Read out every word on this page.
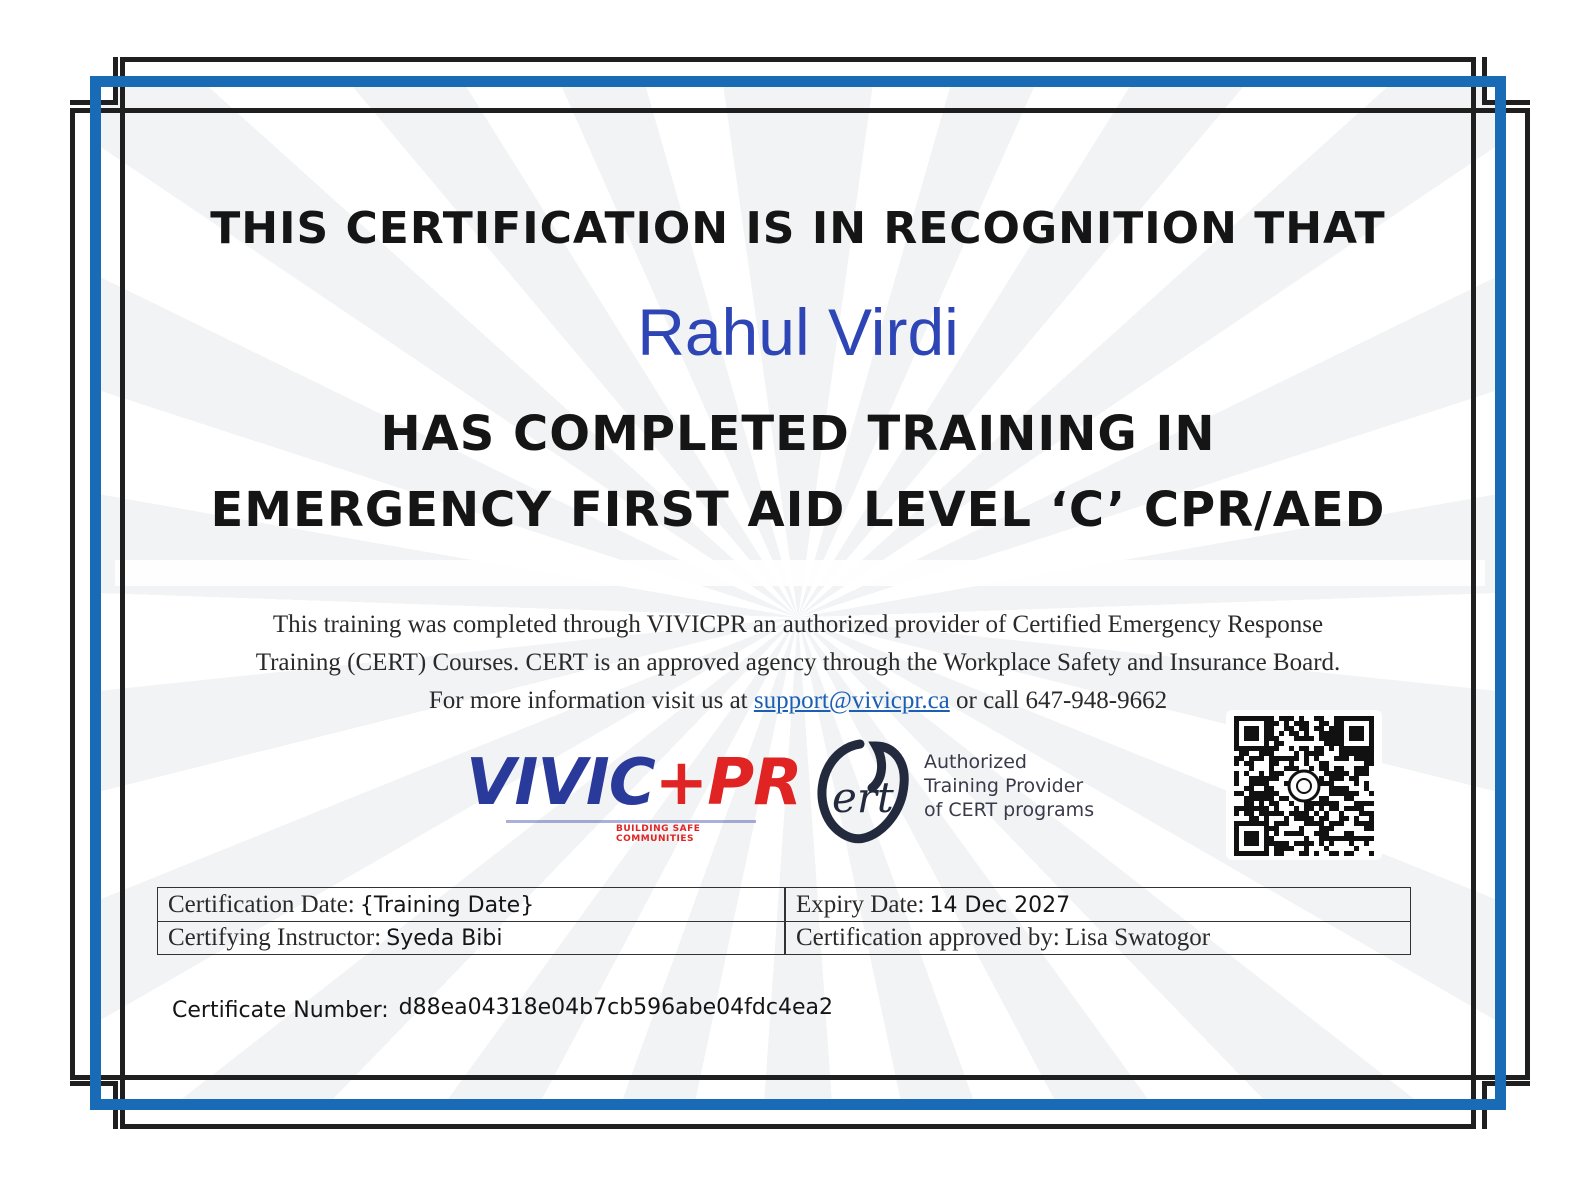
THIS CERTIFICATION IS IN RECOGNITION THAT
Rahul Virdi
HAS COMPLETED TRAINING IN
EMERGENCY FIRST AID LEVEL ‘C’ CPR/AED
This training was completed through VIVICPR an authorized provider of Certified Emergency Response
Training (CERT) Courses. CERT is an approved agency through the Workplace Safety and Insurance Board.
For more information visit us at support@vivicpr.ca or call 647-948-9662
VIVIC+PR
BUILDING SAFE COMMUNITIES
ert
Authorized
Training Provider
of CERT programs
Certification Date: {Training Date}	Expiry Date: 14 Dec 2027
Certifying Instructor: Syeda Bibi	Certification approved by: Lisa Swatogor
Certificate Number: d88ea04318e04b7cb596abe04fdc4ea2
